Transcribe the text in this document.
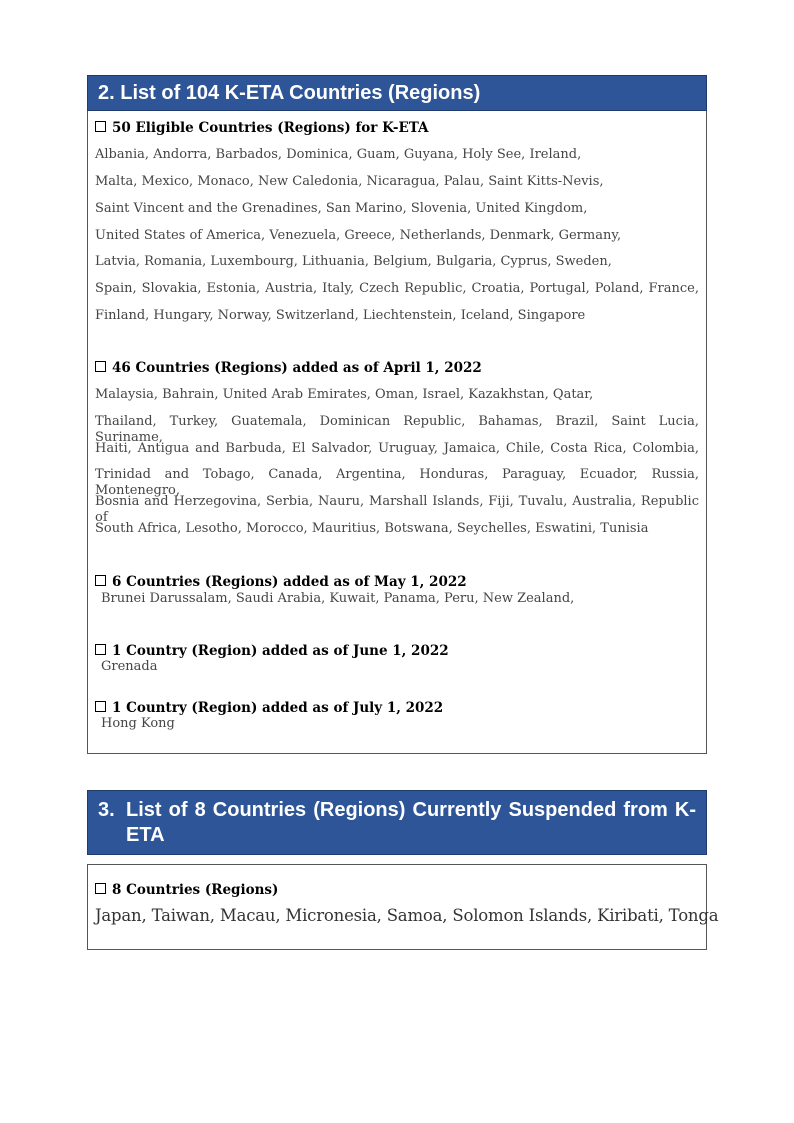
2. List of 104 K-ETA Countries (Regions)
50 Eligible Countries (Regions) for K-ETA
Albania, Andorra, Barbados, Dominica, Guam, Guyana, Holy See, Ireland,
Malta, Mexico, Monaco, New Caledonia, Nicaragua, Palau, Saint Kitts-Nevis,
Saint Vincent and the Grenadines, San Marino, Slovenia, United Kingdom,
United States of America, Venezuela, Greece, Netherlands, Denmark, Germany,
Latvia, Romania, Luxembourg, Lithuania, Belgium, Bulgaria, Cyprus, Sweden,
Spain, Slovakia, Estonia, Austria, Italy, Czech Republic, Croatia, Portugal, Poland, France,
Finland, Hungary, Norway, Switzerland, Liechtenstein, Iceland, Singapore
46 Countries (Regions) added as of April 1, 2022
Malaysia, Bahrain, United Arab Emirates, Oman, Israel, Kazakhstan, Qatar,
Thailand, Turkey, Guatemala, Dominican Republic, Bahamas, Brazil, Saint Lucia, Suriname,
Haiti, Antigua and Barbuda, El Salvador, Uruguay, Jamaica, Chile, Costa Rica, Colombia,
Trinidad and Tobago, Canada, Argentina, Honduras, Paraguay, Ecuador, Russia, Montenegro,
Bosnia and Herzegovina, Serbia, Nauru, Marshall Islands, Fiji, Tuvalu, Australia, Republic of
South Africa, Lesotho, Morocco, Mauritius, Botswana, Seychelles, Eswatini, Tunisia
6 Countries (Regions) added as of May 1, 2022
Brunei Darussalam, Saudi Arabia, Kuwait, Panama, Peru, New Zealand,
1 Country (Region) added as of June 1, 2022
Grenada
1 Country (Region) added as of July 1, 2022
Hong Kong
3. List of 8 Countries (Regions) Currently Suspended from K-ETA
8 Countries (Regions)
Japan, Taiwan, Macau, Micronesia, Samoa, Solomon Islands, Kiribati, Tonga
